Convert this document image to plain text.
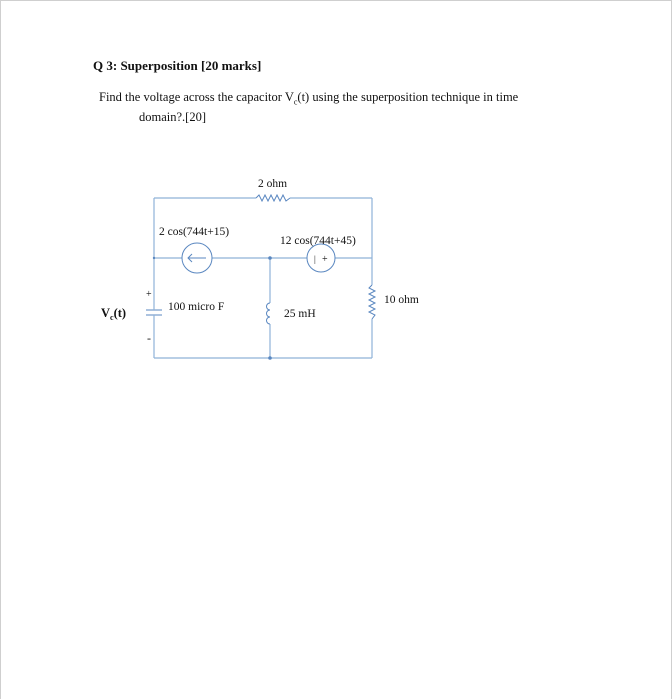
Q 3: Superposition [20 marks]
Find the voltage across the capacitor $V_c(t)$ using the superposition technique in time
domain?.[20]
| +
2 ohm
2 cos(744t+15)
12 cos(744t+45)
10 ohm
100 micro F
25 mH
$V_c(t)$
+
-
